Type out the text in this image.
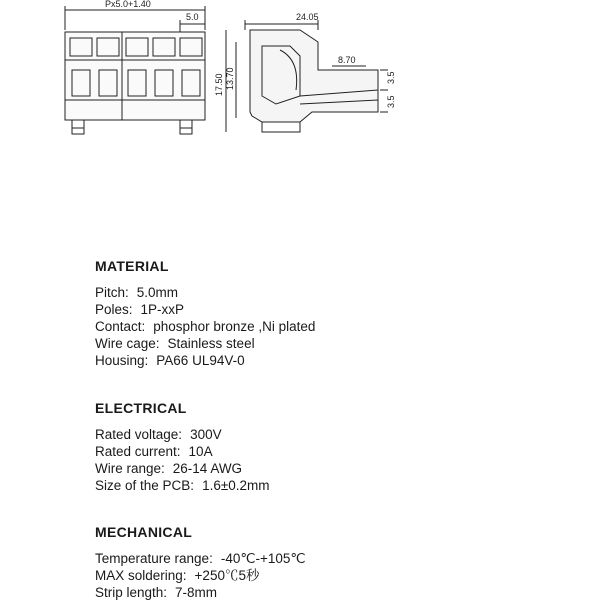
Px5.0+1.40
5.0	24.05
17.50 13.70
8.70
3.5
3.5
MATERIAL
Pitch: 5.0mm
Poles: 1P-xxP
Contact: phosphor bronze ,Ni plated
Wire cage: Stainless steel
Housing: PA66 UL94V-0
ELECTRICAL
Rated voltage: 300V
Rated current: 10A
Wire range: 26-14 AWG
Size of the PCB: 1.6±0.2mm
MECHANICAL
Temperature range: -40℃-+105℃
MAX soldering: +250℃5秒
Strip length: 7-8mm
